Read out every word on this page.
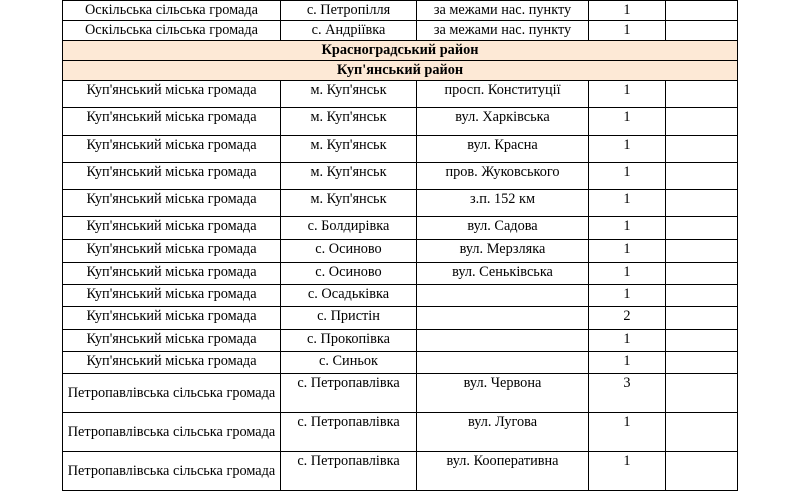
Оскільська сільська громада	с. Петропілля	за межами нас. пункту	1	
Оскільська сільська громада	с. Андріївка	за межами нас. пункту	1	
Красноградський район				
Куп'янський район				
Куп'янський міська громада	м. Куп'янськ	просп. Конституції	1	
Куп'янський міська громада	м. Куп'янськ	вул. Харківська	1	
Куп'янський міська громада	м. Куп'янськ	вул. Красна	1	
Куп'янський міська громада	м. Куп'янськ	пров. Жуковського	1	
Куп'янський міська громада	м. Куп'янськ	з.п. 152 км	1	
Куп'янський міська громада	с. Болдирівка	вул. Садова	1	
Куп'янський міська громада	с. Осиново	вул. Мерзляка	1	
Куп'янський міська громада	с. Осиново	вул. Сеньківська	1	
Куп'янський міська громада	с. Осадьківка		1	
Куп'янський міська громада	с. Пристін		2	
Куп'янський міська громада	с. Прокопівка		1	
Куп'янський міська громада	с. Синьок		1	
Петропавлівська сільська громада	с. Петропавлівка	вул. Червона	3	
Петропавлівська сільська громада	с. Петропавлівка	вул. Лугова	1	
Петропавлівська сільська громада	с. Петропавлівка	вул. Кооперативна	1	
